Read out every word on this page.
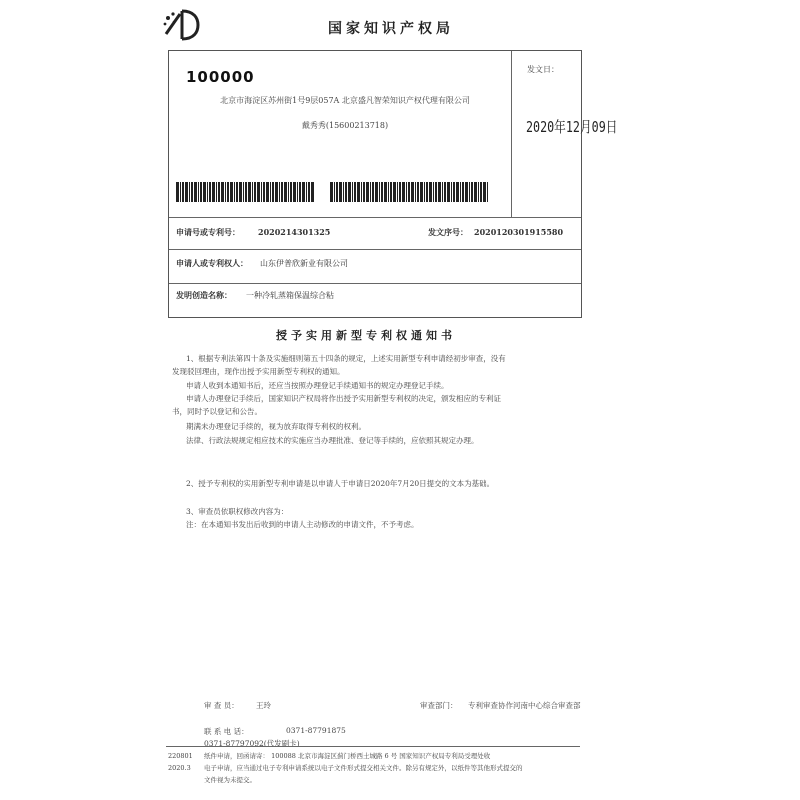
国家知识产权局
100000
北京市海淀区苏州街1号9层057A 北京盛凡智荣知识产权代理有限公司
戴秀秀(15600213718)
发文日：
2020年12月09日
申请号或专利号： 2020214301325	发文序号： 2020120301915580
申请人或专利权人： 山东伊普欣新业有限公司
发明创造名称： 一种冷轧蒸箱保温综合粘
授予实用新型专利权通知书
1、根据专利法第四十条及实施细则第五十四条的规定，上述实用新型专利申请经初步审查，没有发现驳回理由，现作出授予实用新型专利权的通知。
申请人收到本通知书后，还应当按照办理登记手续通知书的规定办理登记手续。
申请人办理登记手续后，国家知识产权局将作出授予实用新型专利权的决定，颁发相应的专利证书，同时予以登记和公告。
期满未办理登记手续的，视为放弃取得专利权的权利。
法律、行政法规规定相应技术的实施应当办理批准、登记等手续的，应依照其规定办理。
2、授予专利权的实用新型专利申请是以申请人于申请日2020年7月20日提交的文本为基础。
3、审查员依职权修改内容为：
注：在本通知书发出后收到的申请人主动修改的申请文件，不予考虑。
审 查 员： 王玲	审查部门： 专利审查协作河南中心综合审查部
联 系 电 话：	0371-87791875
0371-87797092(代发刷卡)
220801
2020.3
纸件申请，回函请寄： 100088 北京市海淀区蓟门桥西土城路 6 号 国家知识产权局专利局受理处收
电子申请，应当通过电子专利申请系统以电子文件形式提交相关文件。除另有规定外，以纸件等其他形式提交的
文件视为未提交。
